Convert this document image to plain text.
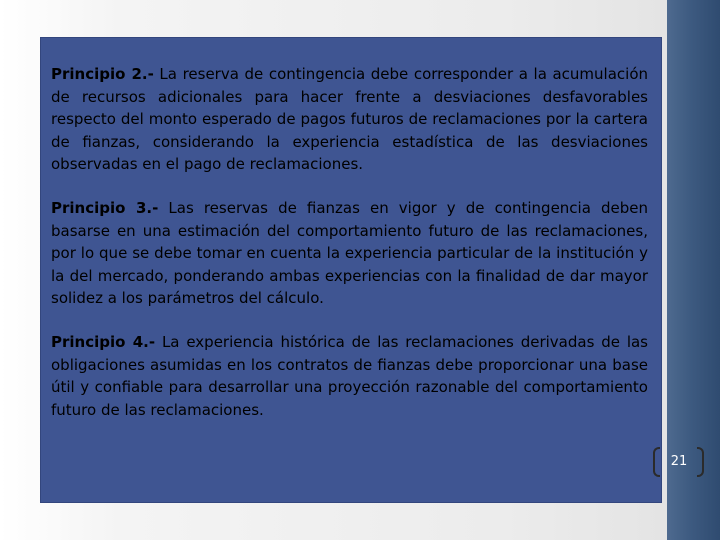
Principio 2.- La reserva de contingencia debe corresponder a la acumulación de recursos adicionales para hacer frente a desviaciones desfavorables respecto del monto esperado de pagos futuros de reclamaciones por la cartera de fianzas, considerando la experiencia estadística de las desviaciones observadas en el pago de reclamaciones.

Principio 3.- Las reservas de fianzas en vigor y de contingencia deben basarse en una estimación del comportamiento futuro de las reclamaciones, por lo que se debe tomar en cuenta la experiencia particular de la institución y la del mercado, ponderando ambas experiencias con la finalidad de dar mayor solidez a los parámetros del cálculo.

Principio 4.- La experiencia histórica de las reclamaciones derivadas de las obligaciones asumidas en los contratos de fianzas debe proporcionar una base útil y confiable para desarrollar una proyección razonable del comportamiento futuro de las reclamaciones.

21
